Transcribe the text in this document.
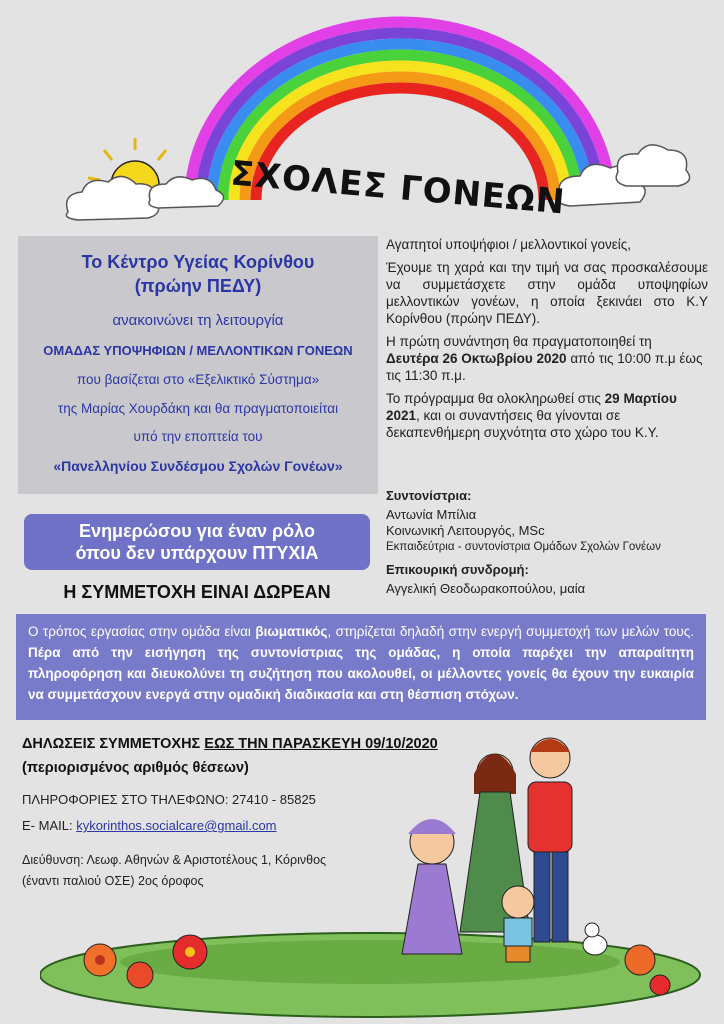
ΣΧΟΛΕΣ ΓΟΝΕΩΝ
Το Κέντρο Υγείας Κορίνθου
(πρώην ΠΕΔΥ)
ανακοινώνει τη λειτουργία
ΟΜΑΔΑΣ ΥΠΟΨΗΦΙΩΝ / ΜΕΛΛΟΝΤΙΚΩΝ ΓΟΝΕΩΝ
που βασίζεται στο «Εξελικτικό Σύστημα»
της Μαρίας Χουρδάκη και θα πραγματοποιείται
υπό την εποπτεία του
«Πανελληνίου Συνδέσμου Σχολών Γονέων»
Ενημερώσου για έναν ρόλο
όπου δεν υπάρχουν ΠΤΥΧΙΑ
Η ΣΥΜΜΕΤΟΧΗ ΕΙΝΑΙ ΔΩΡΕΑΝ

Αγαπητοί υποψήφιοι / μελλοντικοί γονείς,

Έχουμε τη χαρά και την τιμή να σας προσκαλέσουμε να συμμετάσχετε στην ομάδα υποψηφίων μελλοντικών γονέων, η οποία ξεκινάει στο Κ.Υ Κορίνθου (πρώην ΠΕΔΥ).

Η πρώτη συνάντηση θα πραγματοποιηθεί τη Δευτέρα 26 Οκτωβρίου 2020 από τις 10:00 π.μ έως τις 11:30 π.μ.

Το πρόγραμμα θα ολοκληρωθεί στις 29 Μαρτίου 2021, και οι συναντήσεις θα γίνονται σε δεκαπενθήμερη συχνότητα στο χώρο του Κ.Υ.

Συντονίστρια:
Αντωνία Μπίλια
Κοινωνική Λειτουργός, MSc
Εκπαιδεύτρια - συντονίστρια Ομάδων Σχολών Γονέων
Επικουρική συνδρομή:
Αγγελική Θεοδωρακοπούλου, μαία
Ο τρόπος εργασίας στην ομάδα είναι βιωματικός, στηρίζεται δηλαδή στην ενεργή συμμετοχή των μελών τους. Πέρα από την εισήγηση της συντονίστριας της ομάδας, η οποία παρέχει την απαραίτητη πληροφόρηση και διευκολύνει τη συζήτηση που ακολουθεί, οι μέλλοντες γονείς θα έχουν την ευκαιρία να συμμετάσχουν ενεργά στην ομαδική διαδικασία και στη θέσπιση στόχων.
ΔΗΛΩΣΕΙΣ ΣΥΜΜΕΤΟΧΗΣ ΕΩΣ ΤΗΝ ΠΑΡΑΣΚΕΥΗ 09/10/2020
(περιορισμένος αριθμός θέσεων)
ΠΛΗΡΟΦΟΡΙΕΣ ΣΤΟ ΤΗΛΕΦΩΝΟ: 27410 - 85825
E- MAIL: kykorinthos.socialcare@gmail.com
Διεύθυνση: Λεωφ. Αθηνών & Αριστοτέλους 1, Κόρινθος
(έναντι παλιού ΟΣΕ) 2ος όροφος
